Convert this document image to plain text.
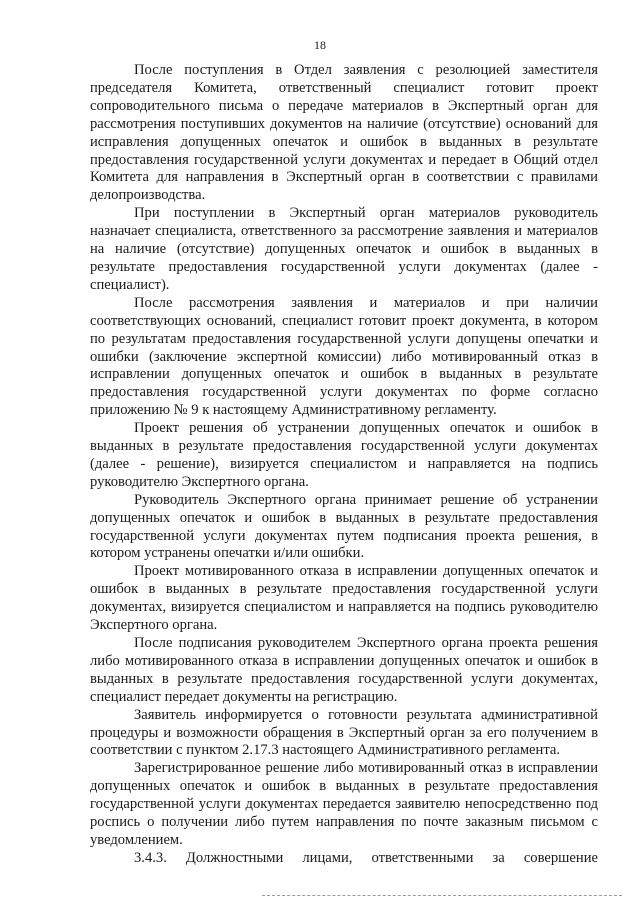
18

После поступления в Отдел заявления с резолюцией заместителя председателя Комитета, ответственный специалист готовит проект сопроводительного письма о передаче материалов в Экспертный орган для рассмотрения поступивших документов на наличие (отсутствие) оснований для исправления допущенных опечаток и ошибок в выданных в результате предоставления государственной услуги документах и передает в Общий отдел Комитета для направления в Экспертный орган в соответствии с правилами делопроизводства.

При поступлении в Экспертный орган материалов руководитель назначает специалиста, ответственного за рассмотрение заявления и материалов на наличие (отсутствие) допущенных опечаток и ошибок в выданных в результате предоставления государственной услуги документах (далее - специалист).

После рассмотрения заявления и материалов и при наличии соответствующих оснований, специалист готовит проект документа, в котором по результатам предоставления государственной услуги допущены опечатки и ошибки (заключение экспертной комиссии) либо мотивированный отказ в исправлении допущенных опечаток и ошибок в выданных в результате предоставления государственной услуги документах по форме согласно приложению № 9 к настоящему Административному регламенту.

Проект решения об устранении допущенных опечаток и ошибок в выданных в результате предоставления государственной услуги документах (далее - решение), визируется специалистом и направляется на подпись руководителю Экспертного органа.

Руководитель Экспертного органа принимает решение об устранении допущенных опечаток и ошибок в выданных в результате предоставления государственной услуги документах путем подписания проекта решения, в котором устранены опечатки и/или ошибки.

Проект мотивированного отказа в исправлении допущенных опечаток и ошибок в выданных в результате предоставления государственной услуги документах, визируется специалистом и направляется на подпись руководителю Экспертного органа.

После подписания руководителем Экспертного органа проекта решения либо мотивированного отказа в исправлении допущенных опечаток и ошибок в выданных в результате предоставления государственной услуги документах, специалист передает документы на регистрацию.

Заявитель информируется о готовности результата административной процедуры и возможности обращения в Экспертный орган за его получением в соответствии с пунктом 2.17.3 настоящего Административного регламента.

Зарегистрированное решение либо мотивированный отказ в исправлении допущенных опечаток и ошибок в выданных в результате предоставления государственной услуги документах передается заявителю непосредственно под роспись о получении либо путем направления по почте заказным письмом с уведомлением.

3.4.3. Должностными лицами, ответственными за совершение
